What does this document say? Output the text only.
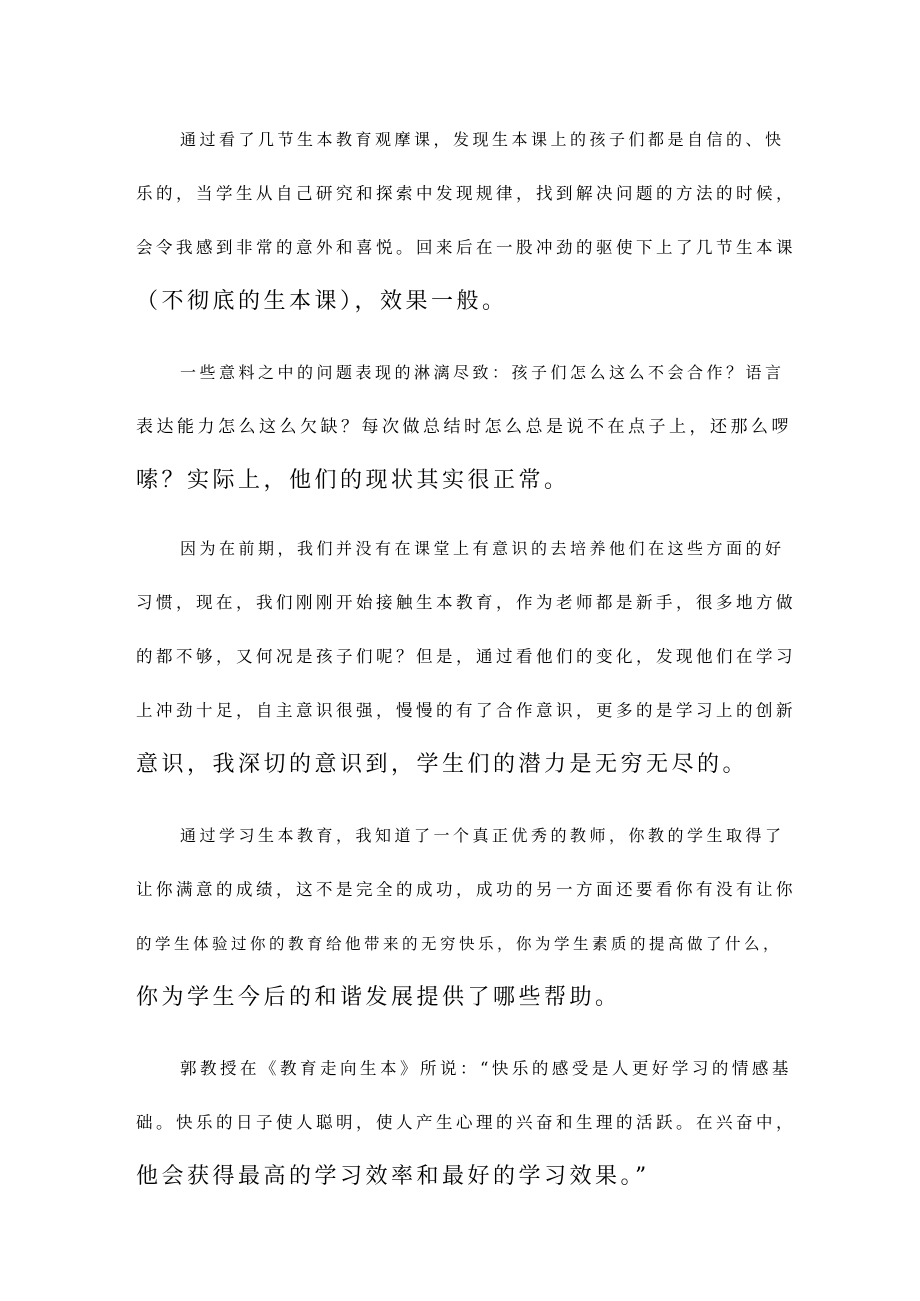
通过看了几节生本教育观摩课，发现生本课上的孩子们都是自信的、快
乐的，当学生从自己研究和探索中发现规律，找到解决问题的方法的时候，
会令我感到非常的意外和喜悦。回来后在一股冲劲的驱使下上了几节生本课
（不彻底的生本课），效果一般。
一些意料之中的问题表现的淋漓尽致：孩子们怎么这么不会合作？语言
表达能力怎么这么欠缺？每次做总结时怎么总是说不在点子上，还那么啰
嗦？实际上，他们的现状其实很正常。
因为在前期，我们并没有在课堂上有意识的去培养他们在这些方面的好
习惯，现在，我们刚刚开始接触生本教育，作为老师都是新手，很多地方做
的都不够，又何况是孩子们呢？但是，通过看他们的变化，发现他们在学习
上冲劲十足，自主意识很强，慢慢的有了合作意识，更多的是学习上的创新
意识，我深切的意识到，学生们的潜力是无穷无尽的。
通过学习生本教育，我知道了一个真正优秀的教师，你教的学生取得了
让你满意的成绩，这不是完全的成功，成功的另一方面还要看你有没有让你
的学生体验过你的教育给他带来的无穷快乐，你为学生素质的提高做了什么，
你为学生今后的和谐发展提供了哪些帮助。
郭教授在《教育走向生本》所说：“快乐的感受是人更好学习的情感基
础。快乐的日子使人聪明，使人产生心理的兴奋和生理的活跃。在兴奋中，
他会获得最高的学习效率和最好的学习效果。”
